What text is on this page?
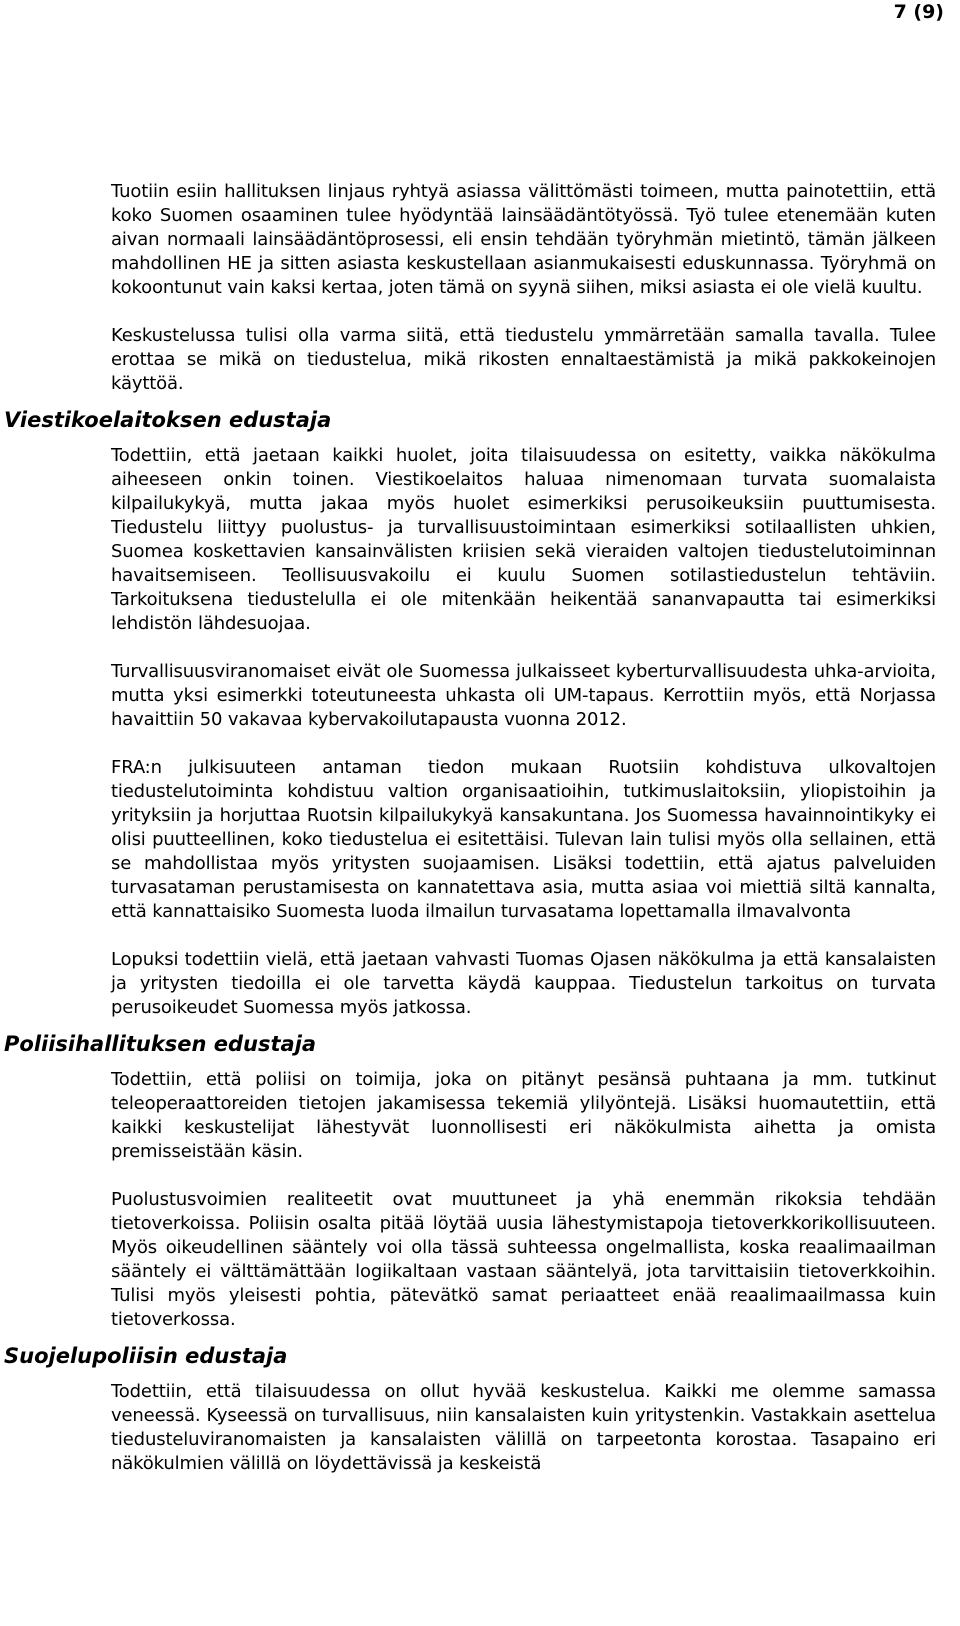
7 (9)

Tuotiin esiin hallituksen linjaus ryhtyä asiassa välittömästi toimeen, mutta painotettiin, että koko Suomen osaaminen tulee hyödyntää lainsäädäntötyössä. Työ tulee etenemään kuten aivan normaali lainsäädäntöprosessi, eli ensin tehdään työryhmän mietintö, tämän jälkeen mahdollinen HE ja sitten asiasta keskustellaan asianmukaisesti eduskunnassa. Työryhmä on kokoontunut vain kaksi kertaa, joten tämä on syynä siihen, miksi asiasta ei ole vielä kuultu.

Keskustelussa tulisi olla varma siitä, että tiedustelu ymmärretään samalla tavalla. Tulee erottaa se mikä on tiedustelua, mikä rikosten ennaltaestämistä ja mikä pakkokeinojen käyttöä.

Viestikoelaitoksen edustaja

Todettiin, että jaetaan kaikki huolet, joita tilaisuudessa on esitetty, vaikka näkökulma aiheeseen onkin toinen. Viestikoelaitos haluaa nimenomaan turvata suomalaista kilpailukykyä, mutta jakaa myös huolet esimerkiksi perusoikeuksiin puuttumisesta. Tiedustelu liittyy puolustus- ja turvallisuustoimintaan esimerkiksi sotilaallisten uhkien, Suomea koskettavien kansainvälisten kriisien sekä vieraiden valtojen tiedustelutoiminnan havaitsemiseen. Teollisuusvakoilu ei kuulu Suomen sotilastiedustelun tehtäviin. Tarkoituksena tiedustelulla ei ole mitenkään heikentää sananvapautta tai esimerkiksi lehdistön lähdesuojaa.

Turvallisuusviranomaiset eivät ole Suomessa julkaisseet kyberturvallisuudesta uhka-arvioita, mutta yksi esimerkki toteutuneesta uhkasta oli UM-tapaus. Kerrottiin myös, että Norjassa havaittiin 50 vakavaa kybervakoilutapausta vuonna 2012.

FRA:n julkisuuteen antaman tiedon mukaan Ruotsiin kohdistuva ulkovaltojen tiedustelutoiminta kohdistuu valtion organisaatioihin, tutkimuslaitoksiin, yliopistoihin ja yrityksiin ja horjuttaa Ruotsin kilpailukykyä kansakuntana. Jos Suomessa havainnointikyky ei olisi puutteellinen, koko tiedustelua ei esitettäisi. Tulevan lain tulisi myös olla sellainen, että se mahdollistaa myös yritysten suojaamisen. Lisäksi todettiin, että ajatus palveluiden turvasataman perustamisesta on kannatettava asia, mutta asiaa voi miettiä siltä kannalta, että kannattaisiko Suomesta luoda ilmailun turvasatama lopettamalla ilmavalvonta

Lopuksi todettiin vielä, että jaetaan vahvasti Tuomas Ojasen näkökulma ja että kansalaisten ja yritysten tiedoilla ei ole tarvetta käydä kauppaa. Tiedustelun tarkoitus on turvata perusoikeudet Suomessa myös jatkossa.

Poliisihallituksen edustaja

Todettiin, että poliisi on toimija, joka on pitänyt pesänsä puhtaana ja mm. tutkinut teleoperaattoreiden tietojen jakamisessa tekemiä ylilyöntejä. Lisäksi huomautettiin, että kaikki keskustelijat lähestyvät luonnollisesti eri näkökulmista aihetta ja omista premisseistään käsin.

Puolustusvoimien realiteetit ovat muuttuneet ja yhä enemmän rikoksia tehdään tietoverkoissa. Poliisin osalta pitää löytää uusia lähestymistapoja tietoverkkorikollisuuteen. Myös oikeudellinen sääntely voi olla tässä suhteessa ongelmallista, koska reaalimaailman sääntely ei välttämättään logiikaltaan vastaan sääntelyä, jota tarvittaisiin tietoverkkoihin. Tulisi myös yleisesti pohtia, pätevätkö samat periaatteet enää reaalimaailmassa kuin tietoverkossa.

Suojelupoliisin edustaja

Todettiin, että tilaisuudessa on ollut hyvää keskustelua. Kaikki me olemme samassa veneessä. Kyseessä on turvallisuus, niin kansalaisten kuin yritystenkin. Vastakkain asettelua tiedusteluviranomaisten ja kansalaisten välillä on tarpeetonta korostaa. Tasapaino eri näkökulmien välillä on löydettävissä ja keskeistä
